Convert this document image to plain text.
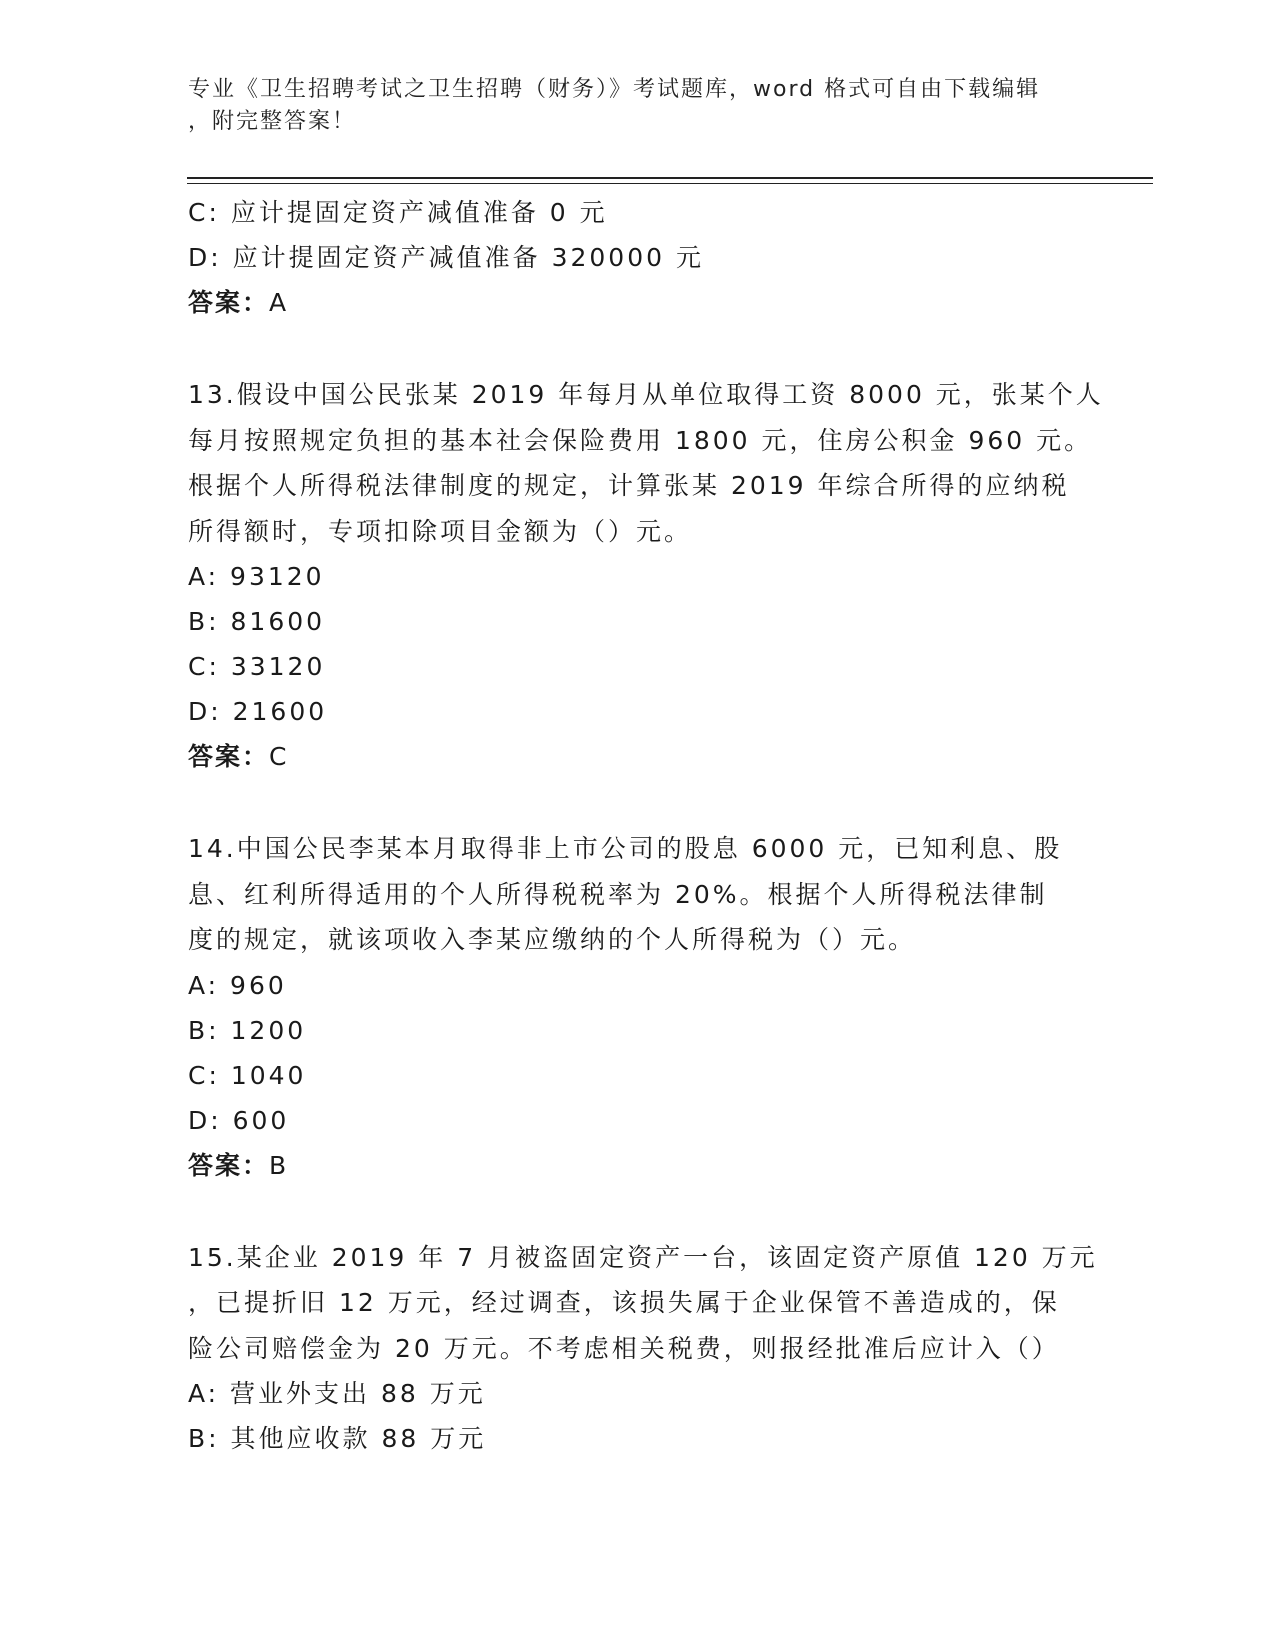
专业《卫生招聘考试之卫生招聘（财务）》考试题库，word 格式可自由下载编辑
，附完整答案！
C: 应计提固定资产减值准备 0 元
D: 应计提固定资产减值准备 320000 元
答案：A
13.假设中国公民张某 2019 年每月从单位取得工资 8000 元，张某个人
每月按照规定负担的基本社会保险费用 1800 元，住房公积金 960 元。
根据个人所得税法律制度的规定，计算张某 2019 年综合所得的应纳税
所得额时，专项扣除项目金额为（）元。
A: 93120
B: 81600
C: 33120
D: 21600
答案：C
14.中国公民李某本月取得非上市公司的股息 6000 元，已知利息、股
息、红利所得适用的个人所得税税率为 20%。根据个人所得税法律制
度的规定，就该项收入李某应缴纳的个人所得税为（）元。
A: 960
B: 1200
C: 1040
D: 600
答案：B
15.某企业 2019 年 7 月被盗固定资产一台，该固定资产原值 120 万元
，已提折旧 12 万元，经过调查，该损失属于企业保管不善造成的，保
险公司赔偿金为 20 万元。不考虑相关税费，则报经批准后应计入（）
A: 营业外支出 88 万元
B: 其他应收款 88 万元
